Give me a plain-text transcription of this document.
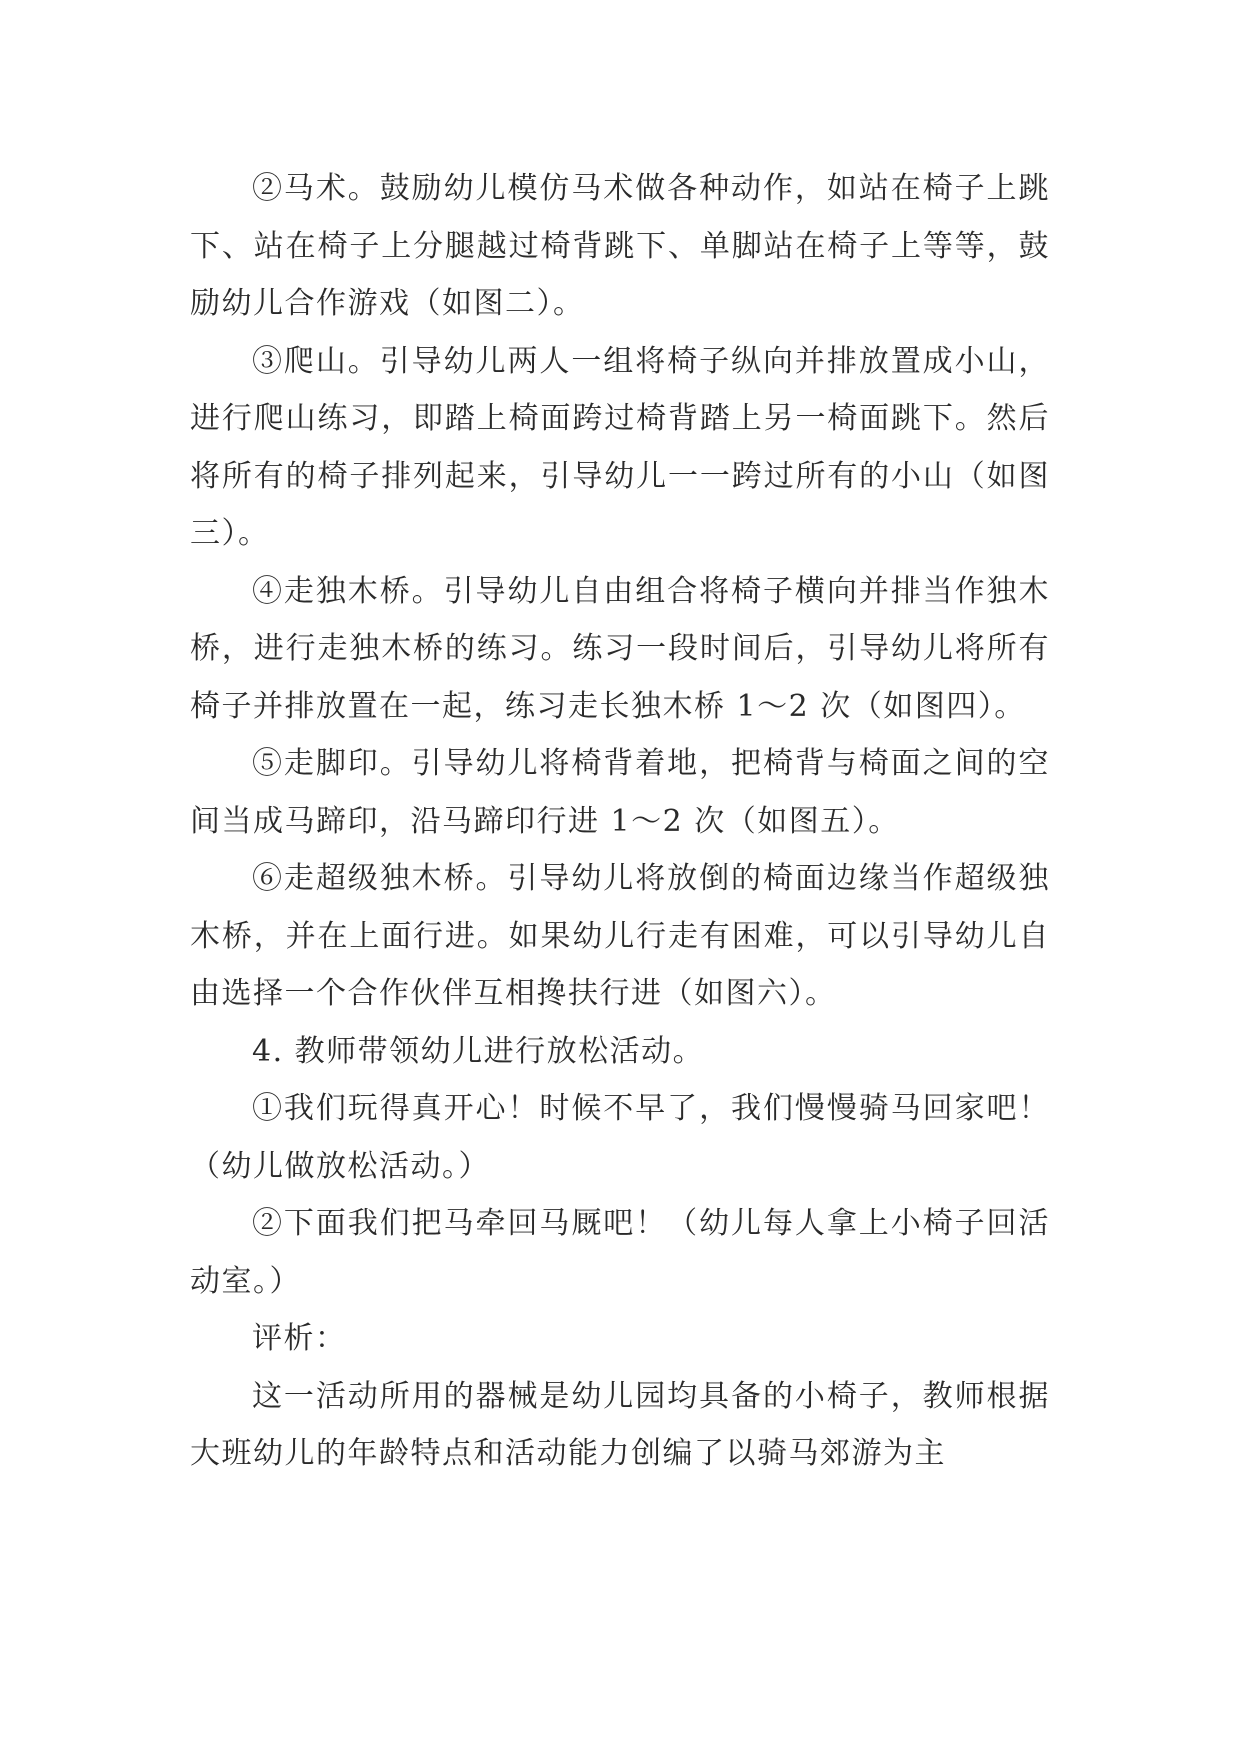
②马术。鼓励幼儿模仿马术做各种动作，如站在椅子上跳下、站在椅子上分腿越过椅背跳下、单脚站在椅子上等等，鼓励幼儿合作游戏（如图二）。

③爬山。引导幼儿两人一组将椅子纵向并排放置成小山，进行爬山练习，即踏上椅面跨过椅背踏上另一椅面跳下。然后将所有的椅子排列起来，引导幼儿一一跨过所有的小山（如图三）。

④走独木桥。引导幼儿自由组合将椅子横向并排当作独木桥，进行走独木桥的练习。练习一段时间后，引导幼儿将所有椅子并排放置在一起，练习走长独木桥 1～2 次（如图四）。

⑤走脚印。引导幼儿将椅背着地，把椅背与椅面之间的空间当成马蹄印，沿马蹄印行进 1～2 次（如图五）。

⑥走超级独木桥。引导幼儿将放倒的椅面边缘当作超级独木桥，并在上面行进。如果幼儿行走有困难，可以引导幼儿自由选择一个合作伙伴互相搀扶行进（如图六）。

4. 教师带领幼儿进行放松活动。

①我们玩得真开心！时候不早了，我们慢慢骑马回家吧！（幼儿做放松活动。）

②下面我们把马牵回马厩吧！（幼儿每人拿上小椅子回活动室。）

评析：

这一活动所用的器械是幼儿园均具备的小椅子，教师根据大班幼儿的年龄特点和活动能力创编了以骑马郊游为主
